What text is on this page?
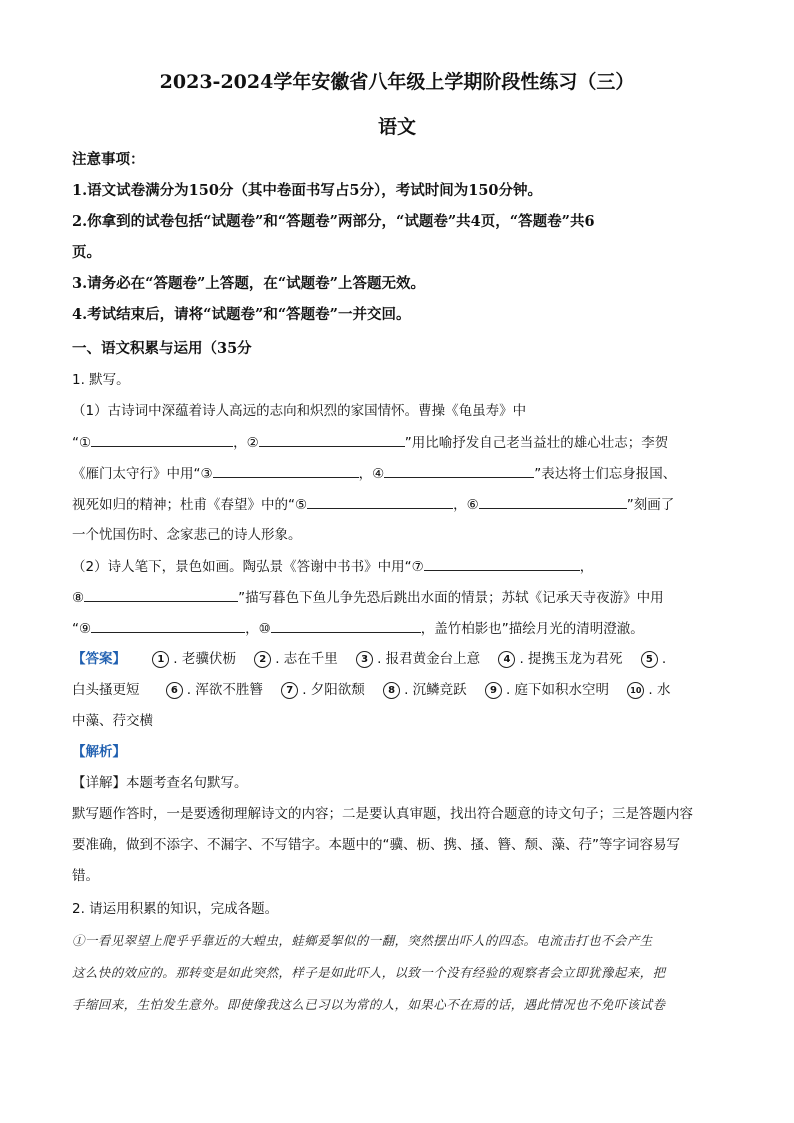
2023-2024学年安徽省八年级上学期阶段性练习（三）
语文
注意事项：
1.语文试卷满分为150分（其中卷面书写占5分），考试时间为150分钟。
2.你拿到的试卷包括“试题卷”和“答题卷”两部分，“试题卷”共4页，“答题卷”共6
页。
3.请务必在“答题卷”上答题，在“试题卷”上答题无效。
4.考试结束后，请将“试题卷”和“答题卷”一并交回。
一、语文积累与运用（35分
1. 默写。
（1）古诗词中深蕴着诗人高远的志向和炽烈的家国情怀。曹操《龟虽寿》中
“①	，②	”用比喻抒发自己老当益壮的雄心壮志；李贺
《雁门太守行》中用“③	，④	”表达将士们忘身报国、
视死如归的精神；杜甫《春望》中的“⑤	，⑥	”刻画了
一个忧国伤时、念家悲己的诗人形象。
（2）诗人笔下，景色如画。陶弘景《答谢中书书》中用“⑦	，
⑧	”描写暮色下鱼儿争先恐后跳出水面的情景；苏轼《记承天寺夜游》中用
“⑨	，⑩	，盖竹柏影也”描绘月光的清明澄澈。
【答案】	1 . 老骥伏枥 2 . 志在千里 3 . 报君黄金台上意 4 . 提携玉龙为君死 5 .
白头搔更短	6 . 浑欲不胜簪 7 . 夕阳欲颓 8 . 沉鳞竞跃 9 . 庭下如积水空明	10 . 水
中藻、荇交横
【解析】
【详解】本题考查名句默写。
默写题作答时，一是要透彻理解诗文的内容；二是要认真审题，找出符合题意的诗文句子；三是答题内容
要准确，做到不添字、不漏字、不写错字。本题中的“骥、枥、携、搔、簪、颓、藻、荇”等字词容易写
错。
2. 请运用积累的知识，完成各题。
①一看见翠望上爬乎乎靠近的大蝗虫，蛙鄉爰挐似的一翻，突然摆出吓人的四态。电流击打也不会产生
这么快的效应的。那转变是如此突然，样子是如此吓人，以致一个没有经验的观察者会立即犹豫起来，把
手缩回来，生怕发生意外。即使像我这么已习以为常的人，如果心不在焉的话，遇此情况也不免吓该试卷
